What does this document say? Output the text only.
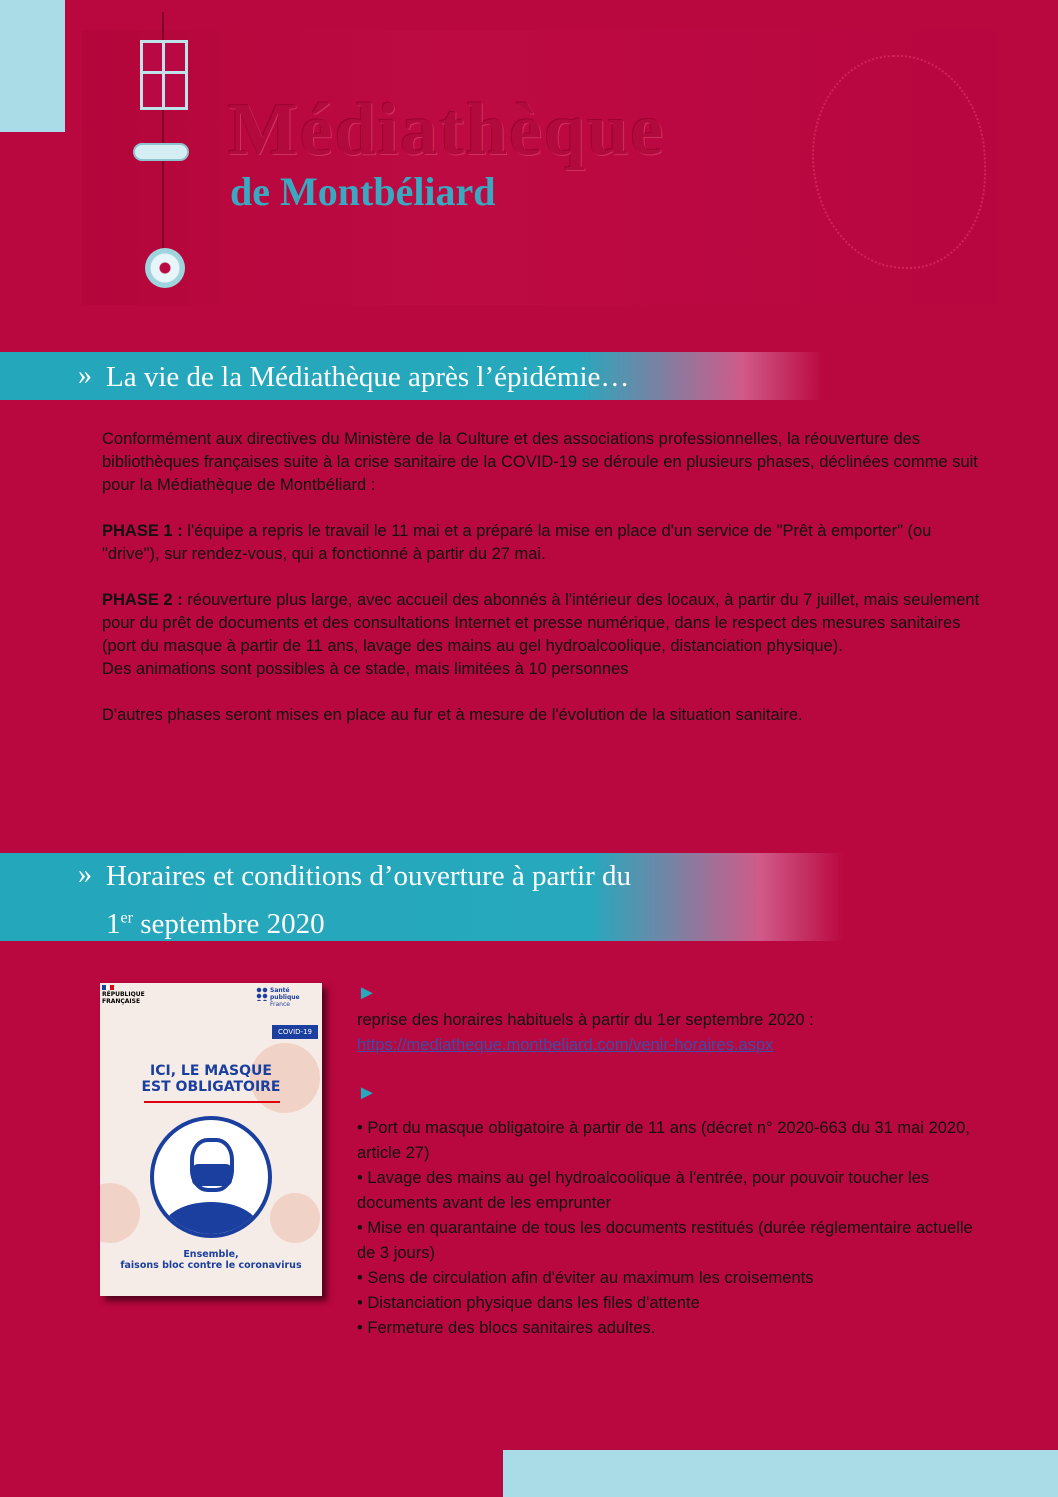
Médiathèque
de Montbéliard
» La vie de la Médiathèque après l’épidémie…

Conformément aux directives du Ministère de la Culture et des associations professionnelles, la réouverture des bibliothèques françaises suite à la crise sanitaire de la COVID-19 se déroule en plusieurs phases, déclinées comme suit pour la Médiathèque de Montbéliard :

PHASE 1 : l'équipe a repris le travail le 11 mai et a préparé la mise en place d'un service de "Prêt à emporter" (ou "drive"), sur rendez-vous, qui a fonctionné à partir du 27 mai.

PHASE 2 : réouverture plus large, avec accueil des abonnés à l'intérieur des locaux, à partir du 7 juillet, mais seulement pour du prêt de documents et des consultations Internet et presse numérique, dans le respect des mesures sanitaires (port du masque à partir de 11 ans, lavage des mains au gel hydroalcoolique, distanciation physique).

Des animations sont possibles à ce stade, mais limitées à 10 personnes

D'autres phases seront mises en place au fur et à mesure de l'évolution de la situation sanitaire.

» Horaires et conditions d’ouverture à partir du
1er septembre 2020
RÉPUBLIQUE
FRANÇAISE
Santé
publique
France
COVID-19
ICI, LE MASQUE
EST OBLIGATOIRE
Ensemble,
faisons bloc contre le coronavirus
► Horaires :
reprise des horaires habituels à partir du 1er septembre 2020 :
https://mediatheque.montbeliard.com/venir-horaires.aspx
► Conditions :
• Port du masque obligatoire à partir de 11 ans (décret n° 2020-663 du 31 mai 2020, article 27)
• Lavage des mains au gel hydroalcoolique à l'entrée, pour pouvoir toucher les documents avant de les emprunter
• Mise en quarantaine de tous les documents restitués (durée réglementaire actuelle de 3 jours)
• Sens de circulation afin d'éviter au maximum les croisements
• Distanciation physique dans les files d'attente
• Fermeture des blocs sanitaires adultes.
